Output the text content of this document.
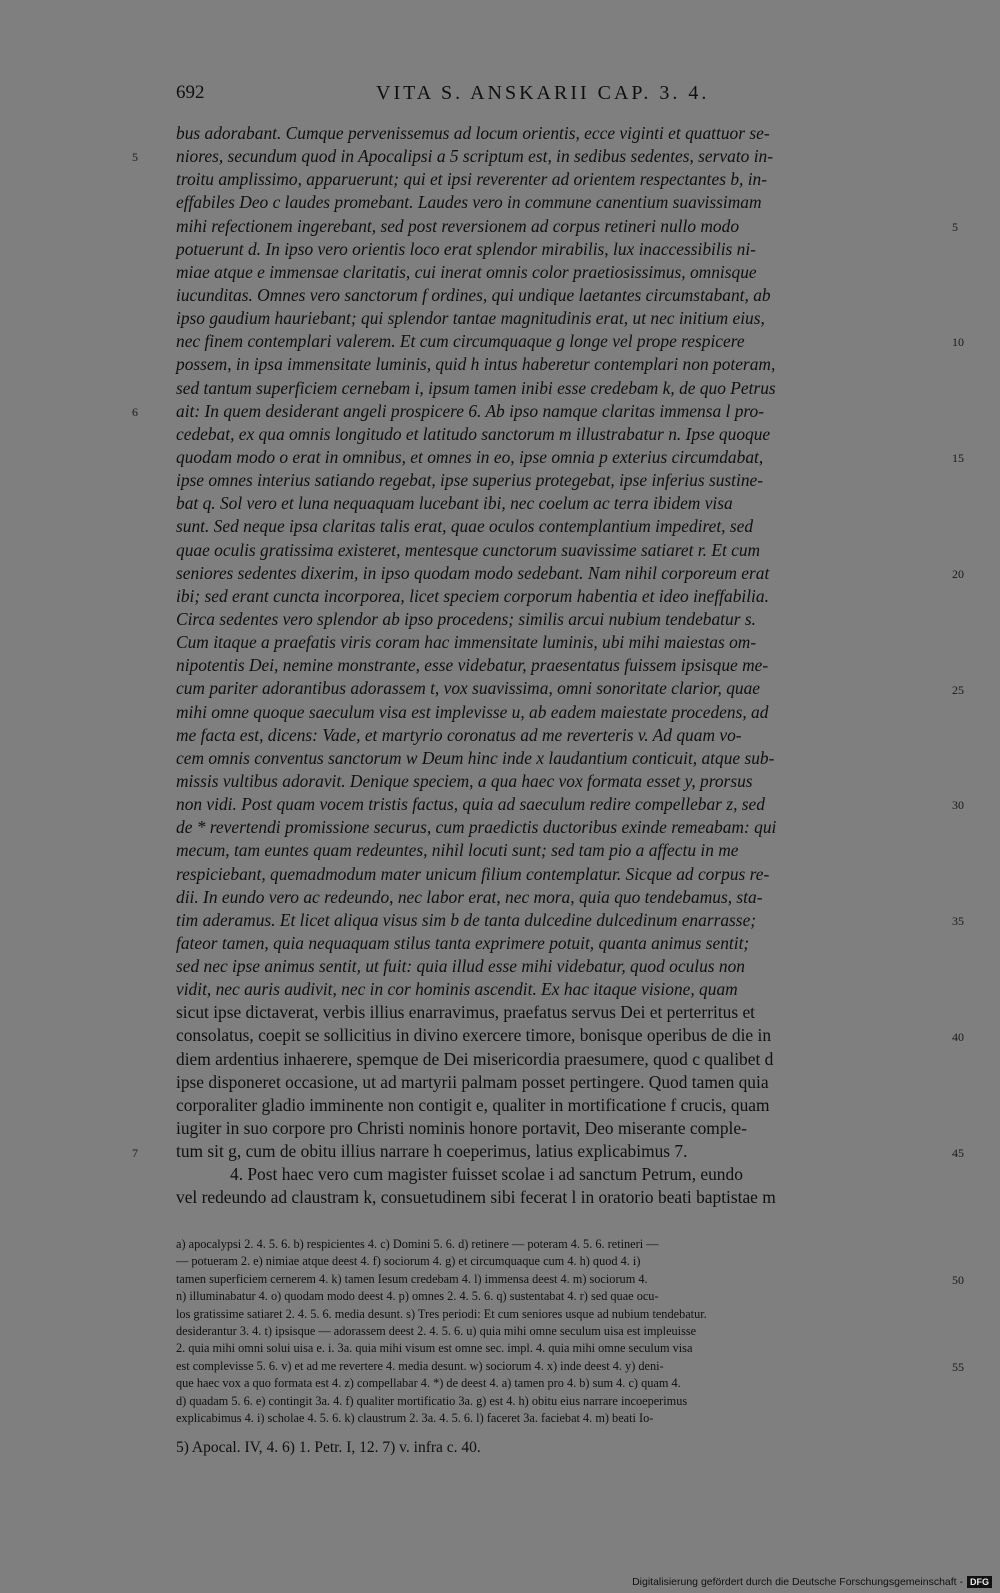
692	VITA S. ANSKARII CAP. 3. 4.
bus adorabant. Cumque pervenissemus ad locum orientis, ecce viginti et quattuor se-
niores, secundum quod in Apocalipsi a 5 scriptum est, in sedibus sedentes, servato in-
troitu amplissimo, apparuerunt; qui et ipsi reverenter ad orientem respectantes b, in-
effabiles Deo c laudes promebant. Laudes vero in commune canentium suavissimam
mihi refectionem ingerebant, sed post reversionem ad corpus retineri nullo modo
potuerunt d. In ipso vero orientis loco erat splendor mirabilis, lux inaccessibilis ni-
miae atque e immensae claritatis, cui inerat omnis color praetiosissimus, omnisque
iucunditas. Omnes vero sanctorum f ordines, qui undique laetantes circumstabant, ab
ipso gaudium hauriebant; qui splendor tantae magnitudinis erat, ut nec initium eius,
nec finem contemplari valerem. Et cum circumquaque g longe vel prope respicere
possem, in ipsa immensitate luminis, quid h intus haberetur contemplari non poteram,
sed tantum superficiem cernebam i, ipsum tamen inibi esse credebam k, de quo Petrus
ait: In quem desiderant angeli prospicere 6. Ab ipso namque claritas immensa l pro-
cedebat, ex qua omnis longitudo et latitudo sanctorum m illustrabatur n. Ipse quoque
quodam modo o erat in omnibus, et omnes in eo, ipse omnia p exterius circumdabat,
ipse omnes interius satiando regebat, ipse superius protegebat, ipse inferius sustine-
bat q. Sol vero et luna nequaquam lucebant ibi, nec coelum ac terra ibidem visa
sunt. Sed neque ipsa claritas talis erat, quae oculos contemplantium impediret, sed
quae oculis gratissima existeret, mentesque cunctorum suavissime satiaret r. Et cum
seniores sedentes dixerim, in ipso quodam modo sedebant. Nam nihil corporeum erat
ibi; sed erant cuncta incorporea, licet speciem corporum habentia et ideo ineffabilia.
Circa sedentes vero splendor ab ipso procedens; similis arcui nubium tendebatur s.
Cum itaque a praefatis viris coram hac immensitate luminis, ubi mihi maiestas om-
nipotentis Dei, nemine monstrante, esse videbatur, praesentatus fuissem ipsisque me-
cum pariter adorantibus adorassem t, vox suavissima, omni sonoritate clarior, quae
mihi omne quoque saeculum visa est implevisse u, ab eadem maiestate procedens, ad
me facta est, dicens: Vade, et martyrio coronatus ad me reverteris v. Ad quam vo-
cem omnis conventus sanctorum w Deum hinc inde x laudantium conticuit, atque sub-
missis vultibus adoravit. Denique speciem, a qua haec vox formata esset y, prorsus
non vidi. Post quam vocem tristis factus, quia ad saeculum redire compellebar z, sed
de * revertendi promissione securus, cum praedictis ductoribus exinde remeabam: qui
mecum, tam euntes quam redeuntes, nihil locuti sunt; sed tam pio a affectu in me
respiciebant, quemadmodum mater unicum filium contemplatur. Sicque ad corpus re-
dii. In eundo vero ac redeundo, nec labor erat, nec mora, quia quo tendebamus, sta-
tim aderamus. Et licet aliqua visus sim b de tanta dulcedine dulcedinum enarrasse;
fateor tamen, quia nequaquam stilus tanta exprimere potuit, quanta animus sentit;
sed nec ipse animus sentit, ut fuit: quia illud esse mihi videbatur, quod oculus non
vidit, nec auris audivit, nec in cor hominis ascendit. Ex hac itaque visione, quam
sicut ipse dictaverat, verbis illius enarravimus, praefatus servus Dei et perterritus et
consolatus, coepit se sollicitius in divino exercere timore, bonisque operibus de die in
diem ardentius inhaerere, spemque de Dei misericordia praesumere, quod c qualibet d
ipse disponeret occasione, ut ad martyrii palmam posset pertingere. Quod tamen quia
corporaliter gladio imminente non contigit e, qualiter in mortificatione f crucis, quam
iugiter in suo corpore pro Christi nominis honore portavit, Deo miserante comple-
tum sit g, cum de obitu illius narrare h coeperimus, latius explicabimus 7.
4. Post haec vero cum magister fuisset scolae i ad sanctum Petrum, eundo
vel redeundo ad claustram k, consuetudinem sibi fecerat l in oratorio beati baptistae m
5
6
7
5
10
15
20
25
30
35
40
45
a) apocalypsi 2. 4. 5. 6. b) respicientes 4. c) Domini 5. 6. d) retinere — poteram 4. 5. 6. retineri —
— potueram 2. e) nimiae atque deest 4. f) sociorum 4. g) et circumquaque cum 4. h) quod 4. i)
tamen superficiem cernerem 4. k) tamen Iesum credebam 4. l) immensa deest 4. m) sociorum 4.
n) illuminabatur 4. o) quodam modo deest 4. p) omnes 2. 4. 5. 6. q) sustentabat 4. r) sed quae ocu-
los gratissime satiaret 2. 4. 5. 6. media desunt. s) Tres periodi: Et cum seniores usque ad nubium tendebatur.
desiderantur 3. 4. t) ipsisque — adorassem deest 2. 4. 5. 6. u) quia mihi omne seculum uisa est impleuisse
2. quia mihi omni solui uisa e. i. 3a. quia mihi visum est omne sec. impl. 4. quia mihi omne seculum visa
est complevisse 5. 6. v) et ad me revertere 4. media desunt. w) sociorum 4. x) inde deest 4. y) deni-
que haec vox a quo formata est 4. z) compellabar 4. *) de deest 4. a) tamen pro 4. b) sum 4. c) quam 4.
d) quadam 5. 6. e) contingit 3a. 4. f) qualiter mortificatio 3a. g) est 4. h) obitu eius narrare incoeperimus
explicabimus 4. i) scholae 4. 5. 6. k) claustrum 2. 3a. 4. 5. 6. l) faceret 3a. faciebat 4. m) beati Io-
50
55
5) Apocal. IV, 4. 6) 1. Petr. I, 12. 7) v. infra c. 40.
Digitalisierung gefördert durch die Deutsche Forschungsgemeinschaft - DFG
